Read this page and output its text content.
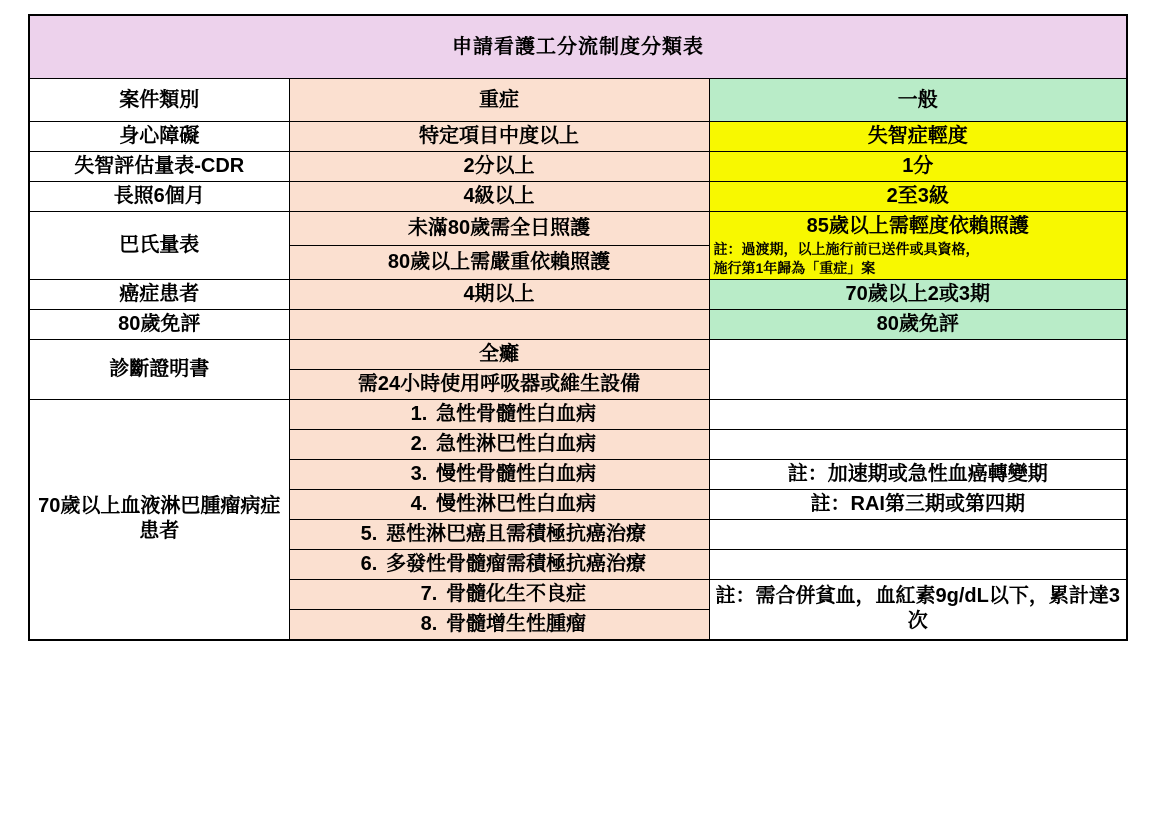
申請看護工分流制度分類表		
案件類別	重症	一般
身心障礙	特定項目中度以上	失智症輕度
失智評估量表-CDR	2分以上	1分
長照6個月	4級以上	2至3級
巴氏量表	未滿80歲需全日照護	85歲以上需輕度依賴照護
註：過渡期，以上施行前已送件或具資格，
施行第1年歸為「重症」案

	80歲以上需嚴重依賴照護	
癌症患者	4期以上	70歲以上2或3期
80歲免評		80歲免評
診斷證明書	全癱	
	需24小時使用呼吸器或維生設備	
70歲以上血液淋巴腫瘤病症患者	1. 急性骨髓性白血病	
	2. 急性淋巴性白血病	
	3. 慢性骨髓性白血病	註：加速期或急性血癌轉變期
	4. 慢性淋巴性白血病	註：RAI第三期或第四期
	5. 惡性淋巴癌且需積極抗癌治療	
	6. 多發性骨髓瘤需積極抗癌治療	
	7. 骨髓化生不良症	註：需合併貧血，血紅素9g/dL以下，累計達3次
	8. 骨髓增生性腫瘤	
